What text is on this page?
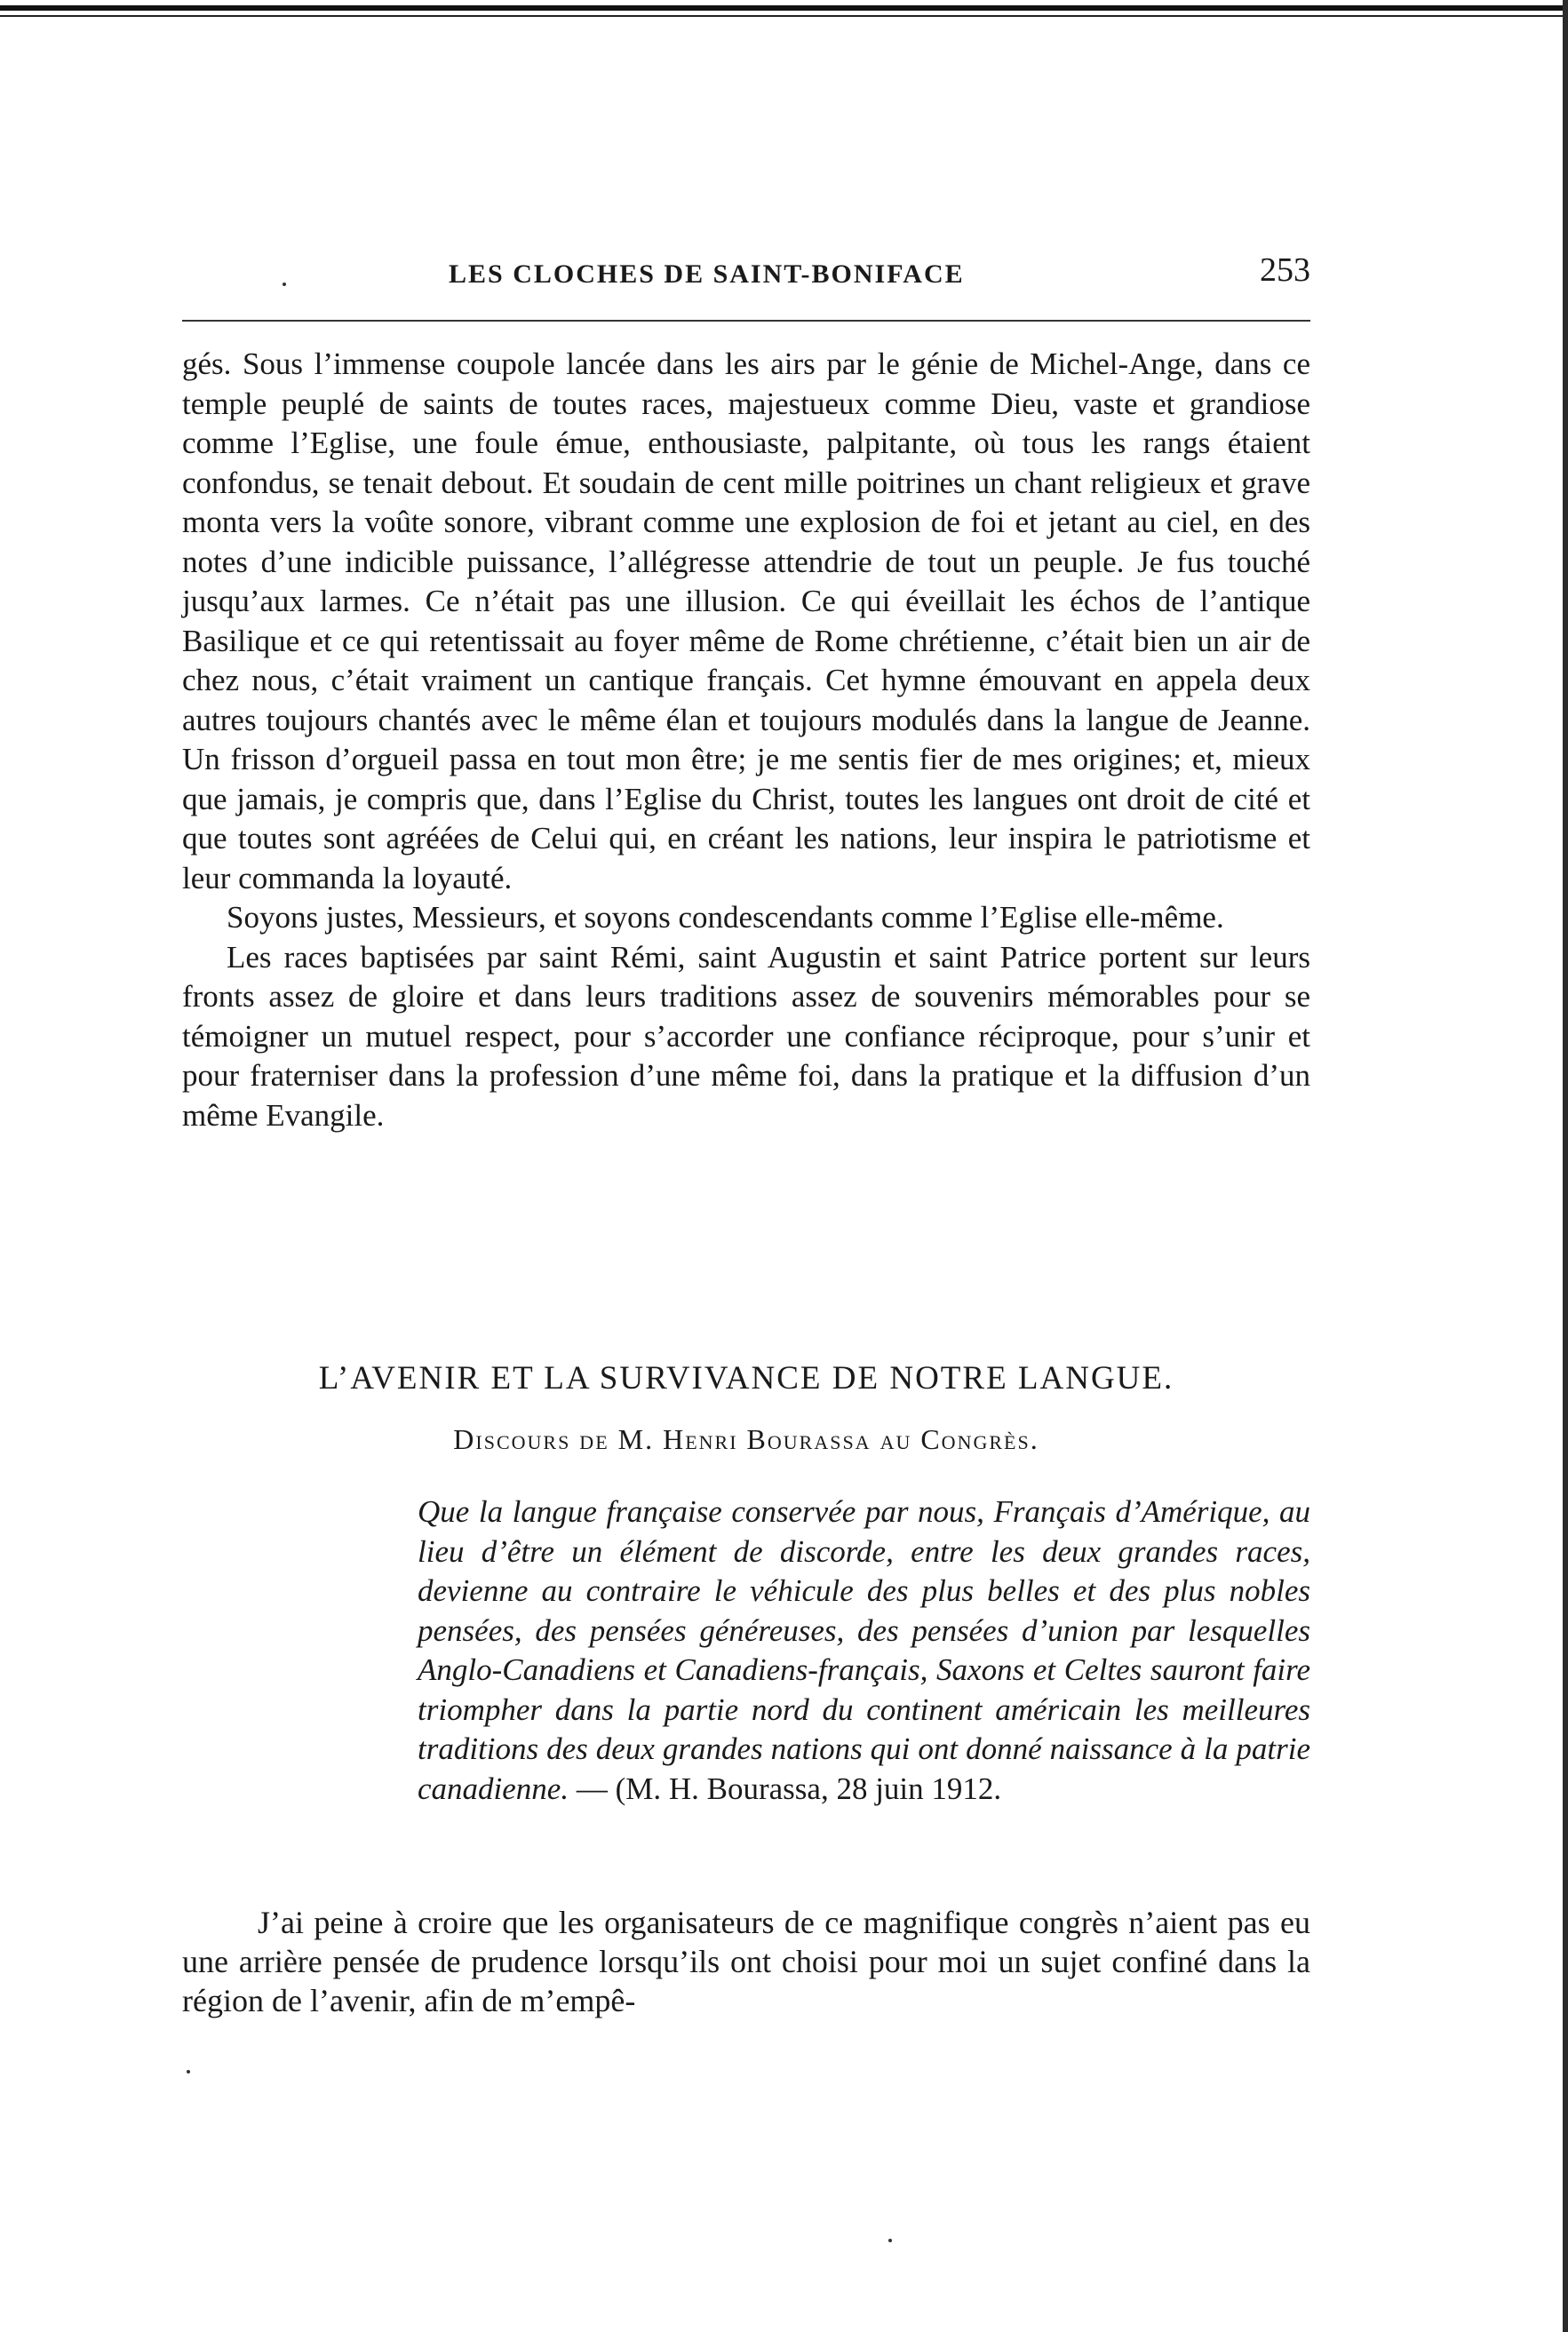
LES CLOCHES DE SAINT-BONIFACE	253

gés. Sous l’immense coupole lancée dans les airs par le génie de Michel-Ange, dans ce temple peuplé de saints de toutes races, majestueux comme Dieu, vaste et grandiose comme l’Eglise, une foule émue, enthousiaste, palpitante, où tous les rangs étaient confondus, se tenait debout. Et soudain de cent mille poitrines un chant religieux et grave monta vers la voûte sonore, vibrant comme une explosion de foi et jetant au ciel, en des notes d’une indicible puissance, l’allégresse attendrie de tout un peuple. Je fus touché jusqu’aux larmes. Ce n’était pas une illusion. Ce qui éveillait les échos de l’antique Basilique et ce qui retentissait au foyer même de Rome chrétienne, c’était bien un air de chez nous, c’était vraiment un cantique français. Cet hymne émouvant en appela deux autres toujours chantés avec le même élan et toujours modulés dans la langue de Jeanne. Un frisson d’orgueil passa en tout mon être; je me sentis fier de mes origines; et, mieux que jamais, je compris que, dans l’Eglise du Christ, toutes les langues ont droit de cité et que toutes sont agréées de Celui qui, en créant les nations, leur inspira le patriotisme et leur commanda la loyauté.

Soyons justes, Messieurs, et soyons condescendants comme l’Eglise elle-même.

Les races baptisées par saint Rémi, saint Augustin et saint Patrice portent sur leurs fronts assez de gloire et dans leurs traditions assez de souvenirs mémorables pour se témoigner un mutuel respect, pour s’accorder une confiance réciproque, pour s’unir et pour fraterniser dans la profession d’une même foi, dans la pratique et la diffusion d’un même Evangile.

L’AVENIR ET LA SURVIVANCE DE NOTRE LANGUE.
Discours de M. Henri Bourassa au Congrès.
Que la langue française conservée par nous, Français d’Amérique, au lieu d’être un élément de discorde, entre les deux grandes races, devienne au contraire le véhicule des plus belles et des plus nobles pensées, des pensées généreuses, des pensées d’union par lesquelles Anglo-Canadiens et Canadiens-français, Saxons et Celtes sauront faire triompher dans la partie nord du continent américain les meilleures traditions des deux grandes nations qui ont donné naissance à la patrie canadienne. — (M. H. Bourassa, 28 juin 1912.
J’ai peine à croire que les organisateurs de ce magnifique congrès n’aient pas eu une arrière pensée de prudence lorsqu’ils ont choisi pour moi un sujet confiné dans la région de l’avenir, afin de m’empê-
